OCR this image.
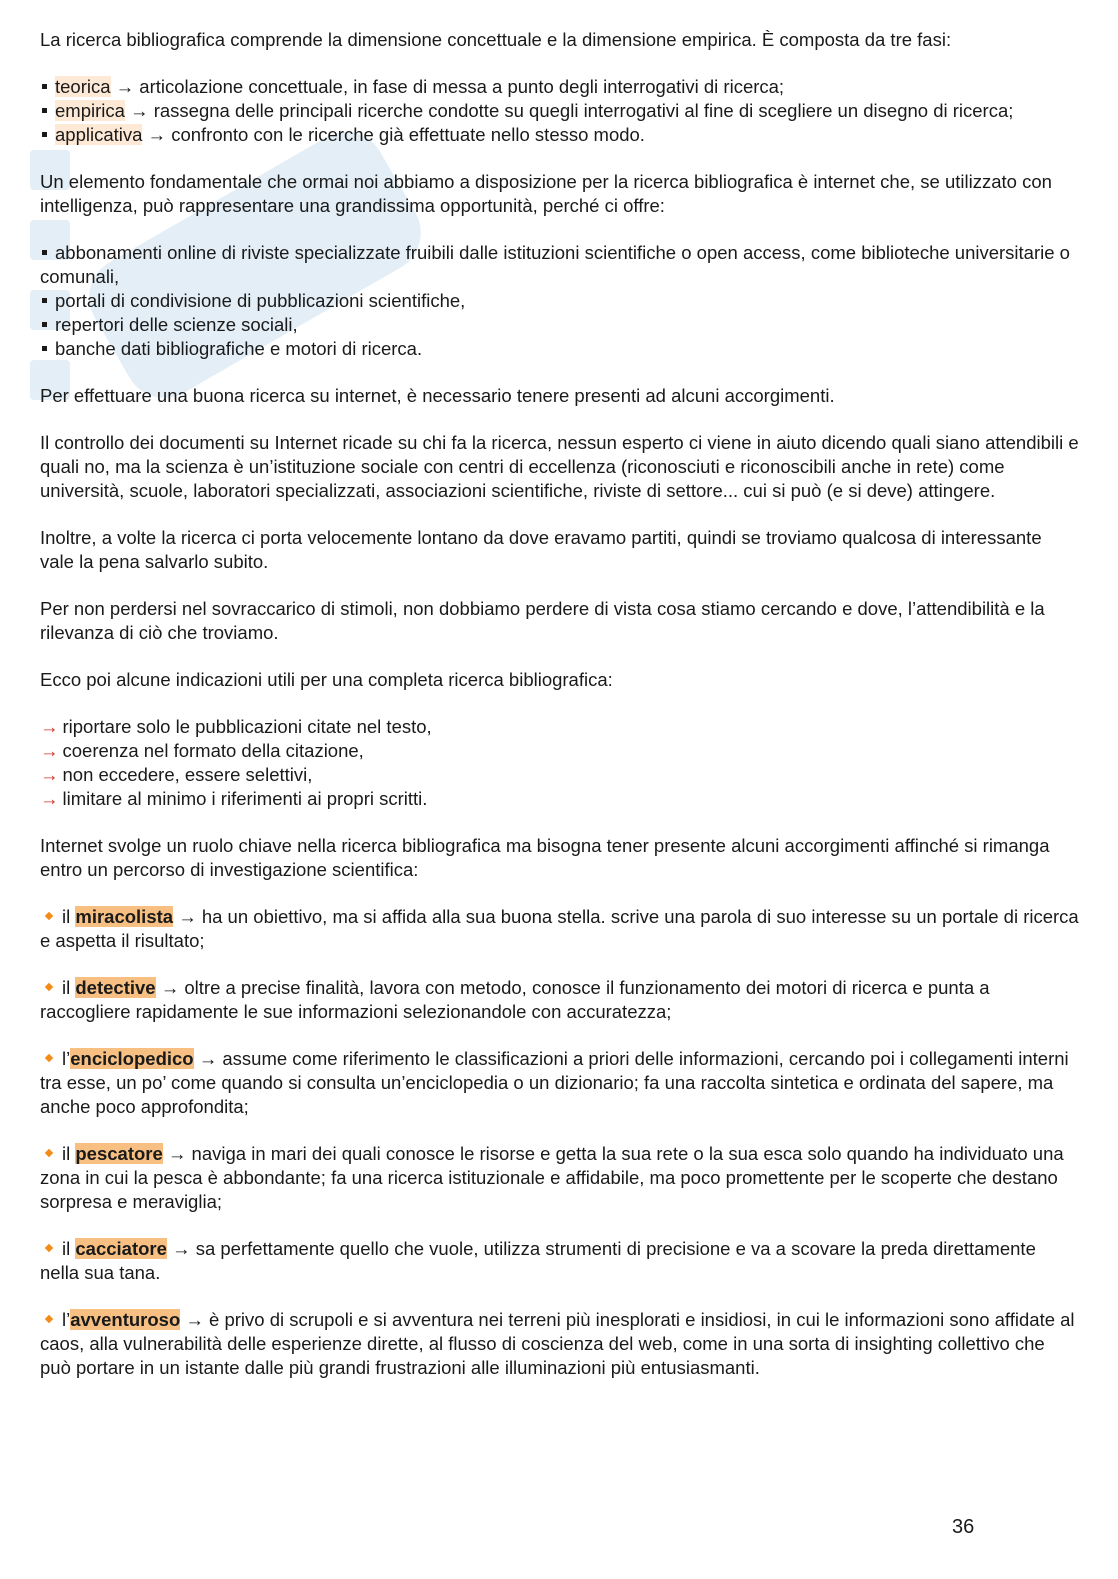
La ricerca bibliografica comprende la dimensione concettuale e la dimensione empirica. È composta da tre fasi:

teorica → articolazione concettuale, in fase di messa a punto degli interrogativi di ricerca;
empirica → rassegna delle principali ricerche condotte su quegli interrogativi al fine di scegliere un disegno di ricerca;
applicativa → confronto con le ricerche già effettuate nello stesso modo.

Un elemento fondamentale che ormai noi abbiamo a disposizione per la ricerca bibliografica è internet che, se utilizzato con intelligenza, può rappresentare una grandissima opportunità, perché ci offre:

abbonamenti online di riviste specializzate fruibili dalle istituzioni scientifiche o open access, come biblioteche universitarie o comunali,
portali di condivisione di pubblicazioni scientifiche,
repertori delle scienze sociali,
banche dati bibliografiche e motori di ricerca.

Per effettuare una buona ricerca su internet, è necessario tenere presenti ad alcuni accorgimenti.

Il controllo dei documenti su Internet ricade su chi fa la ricerca, nessun esperto ci viene in aiuto dicendo quali siano attendibili e quali no, ma la scienza è un’istituzione sociale con centri di eccellenza (riconosciuti e riconoscibili anche in rete) come università, scuole, laboratori specializzati, associazioni scientifiche, riviste di settore... cui si può (e si deve) attingere.

Inoltre, a volte la ricerca ci porta velocemente lontano da dove eravamo partiti, quindi se troviamo qualcosa di interessante vale la pena salvarlo subito.

Per non perdersi nel sovraccarico di stimoli, non dobbiamo perdere di vista cosa stiamo cercando e dove, l’attendibilità e la rilevanza di ciò che troviamo.

Ecco poi alcune indicazioni utili per una completa ricerca bibliografica:

→ riportare solo le pubblicazioni citate nel testo,
→ coerenza nel formato della citazione,
→ non eccedere, essere selettivi,
→ limitare al minimo i riferimenti ai propri scritti.

Internet svolge un ruolo chiave nella ricerca bibliografica ma bisogna tener presente alcuni accorgimenti affinché si rimanga entro un percorso di investigazione scientifica:

il miracolista → ha un obiettivo, ma si affida alla sua buona stella. scrive una parola di suo interesse su un portale di ricerca e aspetta il risultato;

il detective → oltre a precise finalità, lavora con metodo, conosce il funzionamento dei motori di ricerca e punta a raccogliere rapidamente le sue informazioni selezionandole con accuratezza;

l’enciclopedico → assume come riferimento le classificazioni a priori delle informazioni, cercando poi i collegamenti interni tra esse, un po’ come quando si consulta un’enciclopedia o un dizionario; fa una raccolta sintetica e ordinata del sapere, ma anche poco approfondita;

il pescatore → naviga in mari dei quali conosce le risorse e getta la sua rete o la sua esca solo quando ha individuato una zona in cui la pesca è abbondante; fa una ricerca istituzionale e affidabile, ma poco promettente per le scoperte che destano sorpresa e meraviglia;

il cacciatore → sa perfettamente quello che vuole, utilizza strumenti di precisione e va a scovare la preda direttamente nella sua tana.

l’avventuroso → è privo di scrupoli e si avventura nei terreni più inesplorati e insidiosi, in cui le informazioni sono affidate al caos, alla vulnerabilità delle esperienze dirette, al flusso di coscienza del web, come in una sorta di insighting collettivo che può portare in un istante dalle più grandi frustrazioni alle illuminazioni più entusiasmanti.

36
